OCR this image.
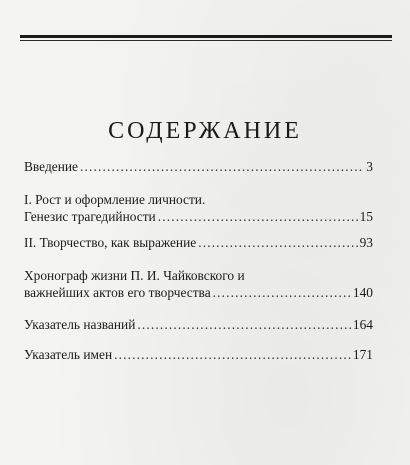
СОДЕРЖАНИЕ
Введение . . .	3
I. Рост и оформление личности.
Генезис трагедийности . . .	15
II. Творчество, как выражение . . .	93
Хронограф жизни П. И. Чайковского и
важнейших актов его творчества . . .	140
Указатель названий . . .	164
Указатель имен . . .	171
